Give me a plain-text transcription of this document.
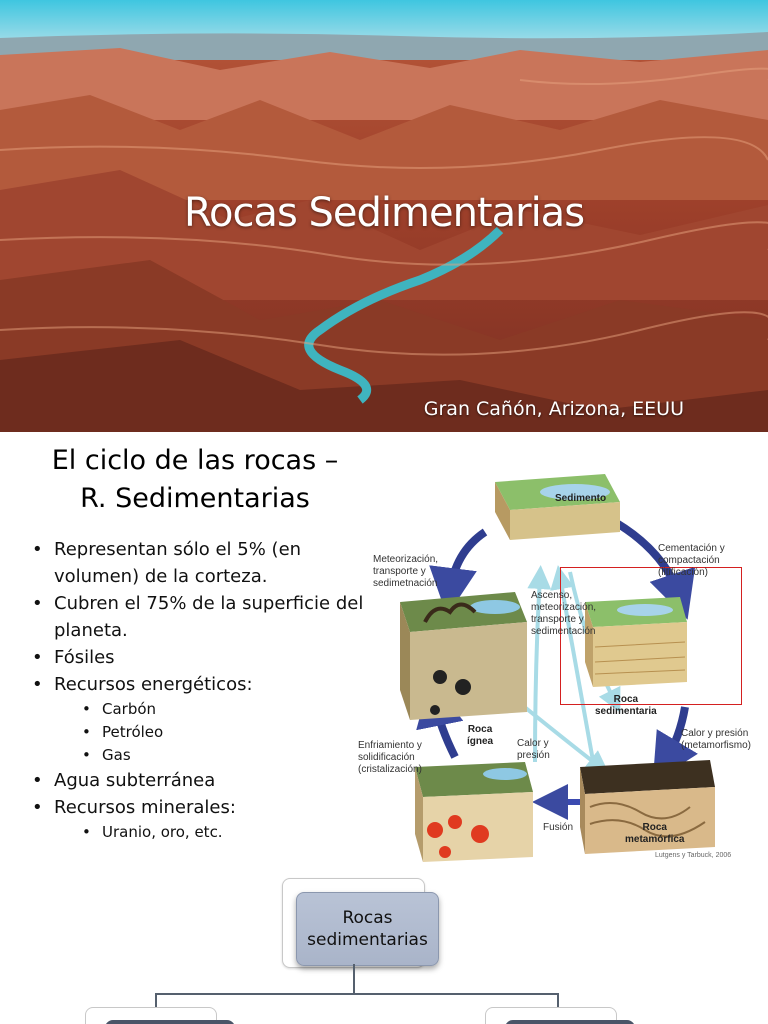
Rocas Sedimentarias
Gran Cañón, Arizona, EEUU
El ciclo de las rocas –
R. Sedimentarias
• Representan sólo el 5% (en volumen) de la corteza.
• Cubren el 75% de la superficie del planeta.
• Fósiles
• Recursos energéticos:
• Carbón
• Petróleo
• Gas
• Agua subterránea
• Recursos minerales:
• Uranio, oro, etc.
Sedimento
Meteorización,
transporte y
sedimetnación
Cementación y
compactación
(litificación)
Ascenso,
meteorización,
transporte y
sedimentación
Roca
sedimentaria
Roca
ígnea
Calor y presión
(metamorfismo)
Enfriamiento y
solidificación
(cristalización)
Calor y
presión
Fusión	Roca
metamórfica
Lutgens y Tarbuck, 2006
Rocas
sedimentarias
